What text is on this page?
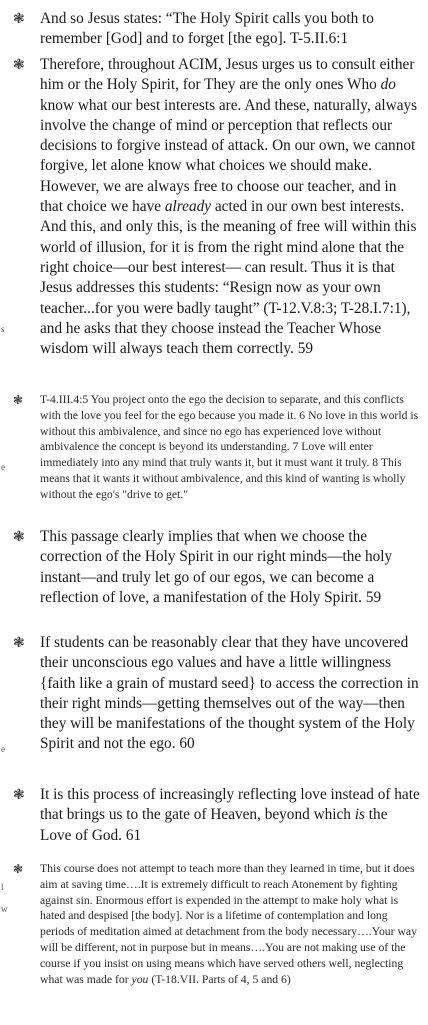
s
e
e
l
w
❃ And so Jesus states: “The Holy Spirit calls you both to remember [God] and to forget [the ego]. T-5.II.6:1
❃ Therefore, throughout ACIM, Jesus urges us to consult either him or the Holy Spirit, for They are the only ones Who do know what our best interests are. And these, naturally, always involve the change of mind or perception that reflects our decisions to forgive instead of attack. On our own, we cannot forgive, let alone know what choices we should make. However, we are always free to choose our teacher, and in that choice we have already acted in our own best interests. And this, and only this, is the meaning of free will within this world of illusion, for it is from the right mind alone that the right choice—our best interest— can result. Thus it is that Jesus addresses this students: “Resign now as your own teacher...for you were badly taught” (T-12.V.8:3; T-28.I.7:1), and he asks that they choose instead the Teacher Whose wisdom will always teach them correctly. 59
❃ T-4.III.4:5 You project onto the ego the decision to separate, and this conflicts with the love you feel for the ego because you made it. 6 No love in this world is without this ambivalence, and since no ego has experienced love without ambivalence the concept is beyond its understanding. 7 Love will enter immediately into any mind that truly wants it, but it must want it truly. 8 This means that it wants it without ambivalence, and this kind of wanting is wholly without the ego's "drive to get."
❃ This passage clearly implies that when we choose the correction of the Holy Spirit in our right minds—the holy instant—and truly let go of our egos, we can become a reflection of love, a manifestation of the Holy Spirit. 59
❃ If students can be reasonably clear that they have uncovered their unconscious ego values and have a little willingness {faith like a grain of mustard seed} to access the correction in their right minds—getting themselves out of the way—then they will be manifestations of the thought system of the Holy Spirit and not the ego. 60
❃ It is this process of increasingly reflecting love instead of hate that brings us to the gate of Heaven, beyond which is the Love of God. 61
❃ This course does not attempt to teach more than they learned in time, but it does aim at saving time….It is extremely difficult to reach Atonement by fighting against sin. Enormous effort is expended in the attempt to make holy what is hated and despised [the body]. Nor is a lifetime of contemplation and long periods of meditation aimed at detachment from the body necessary….Your way will be different, not in purpose but in means….You are not making use of the course if you insist on using means which have served others well, neglecting what was made for you (T-18.VII. Parts of 4, 5 and 6)
